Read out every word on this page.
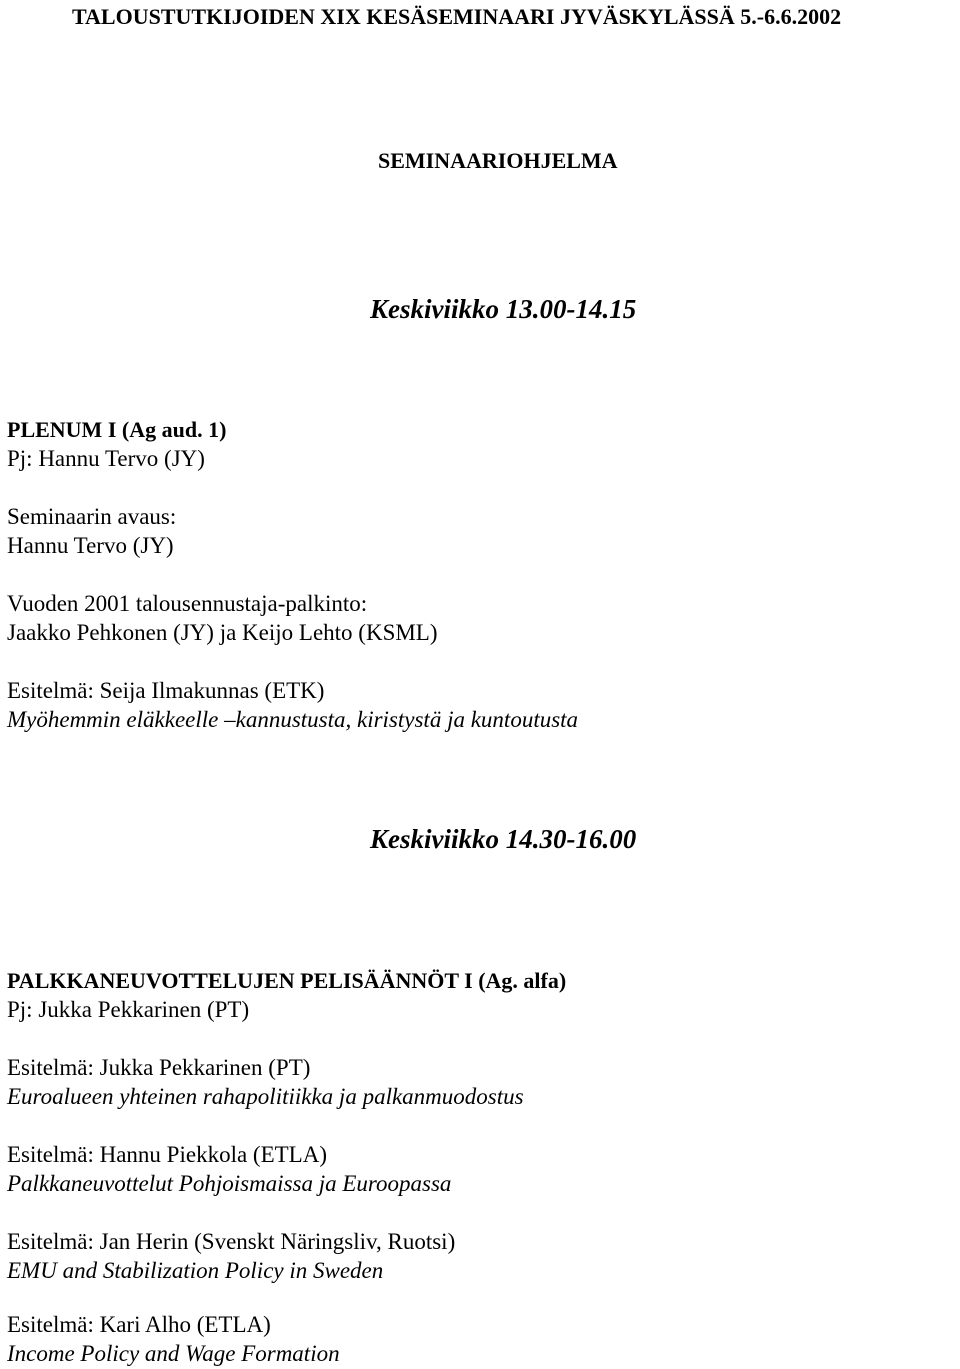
TALOUSTUTKIJOIDEN XIX KESÄSEMINAARI JYVÄSKYLÄSSÄ 5.-6.6.2002
SEMINAARIOHJELMA
Keskiviikko 13.00-14.15
PLENUM I (Ag aud. 1)
Pj: Hannu Tervo (JY)
Seminaarin avaus:
Hannu Tervo (JY)
Vuoden 2001 talousennustaja-palkinto:
Jaakko Pehkonen (JY) ja Keijo Lehto (KSML)
Esitelmä: Seija Ilmakunnas (ETK)
Myöhemmin eläkkeelle –kannustusta, kiristystä ja kuntoutusta
Keskiviikko 14.30-16.00
PALKKANEUVOTTELUJEN PELISÄÄNNÖT I (Ag. alfa)
Pj: Jukka Pekkarinen (PT)
Esitelmä: Jukka Pekkarinen (PT)
Euroalueen yhteinen rahapolitiikka ja palkanmuodostus
Esitelmä: Hannu Piekkola (ETLA)
Palkkaneuvottelut Pohjoismaissa ja Euroopassa
Esitelmä: Jan Herin (Svenskt Näringsliv, Ruotsi)
EMU and Stabilization Policy in Sweden
Esitelmä: Kari Alho (ETLA)
Income Policy and Wage Formation
